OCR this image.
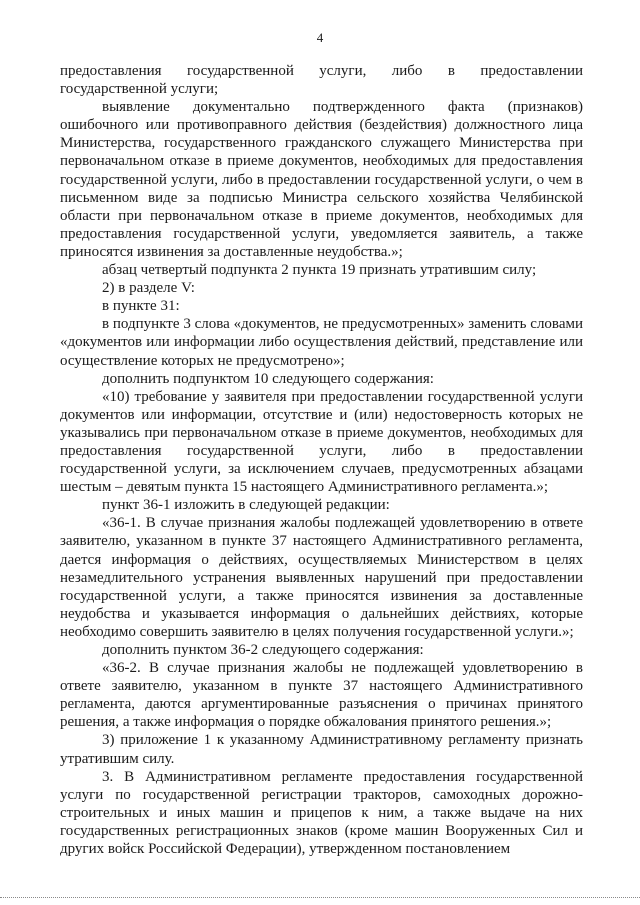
4

предоставления государственной услуги, либо в предоставлении государственной услуги;

выявление документально подтвержденного факта (признаков) ошибочного или противоправного действия (бездействия) должностного лица Министерства, государственного гражданского служащего Министерства при первоначальном отказе в приеме документов, необходимых для предоставления государственной услуги, либо в предоставлении государственной услуги, о чем в письменном виде за подписью Министра сельского хозяйства Челябинской области при первоначальном отказе в приеме документов, необходимых для предоставления государственной услуги, уведомляется заявитель, а также приносятся извинения за доставленные неудобства.»;

абзац четвертый подпункта 2 пункта 19 признать утратившим силу;

2) в разделе V:

в пункте 31:

в подпункте 3 слова «документов, не предусмотренных» заменить словами «документов или информации либо осуществления действий, представление или осуществление которых не предусмотрено»;

дополнить подпунктом 10 следующего содержания:

«10) требование у заявителя при предоставлении государственной услуги документов или информации, отсутствие и (или) недостоверность которых не указывались при первоначальном отказе в приеме документов, необходимых для предоставления государственной услуги, либо в предоставлении государственной услуги, за исключением случаев, предусмотренных абзацами шестым – девятым пункта 15 настоящего Административного регламента.»;

пункт 36-1 изложить в следующей редакции:

«36-1. В случае признания жалобы подлежащей удовлетворению в ответе заявителю, указанном в пункте 37 настоящего Административного регламента, дается информация о действиях, осуществляемых Министерством в целях незамедлительного устранения выявленных нарушений при предоставлении государственной услуги, а также приносятся извинения за доставленные неудобства и указывается информация о дальнейших действиях, которые необходимо совершить заявителю в целях получения государственной услуги.»;

дополнить пунктом 36-2 следующего содержания:

«36-2. В случае признания жалобы не подлежащей удовлетворению в ответе заявителю, указанном в пункте 37 настоящего Административного регламента, даются аргументированные разъяснения о причинах принятого решения, а также информация о порядке обжалования принятого решения.»;

3) приложение 1 к указанному Административному регламенту признать утратившим силу.

3. В Административном регламенте предоставления государственной услуги по государственной регистрации тракторов, самоходных дорожно-строительных и иных машин и прицепов к ним, а также выдаче на них государственных регистрационных знаков (кроме машин Вооруженных Сил и других войск Российской Федерации), утвержденном постановлением
